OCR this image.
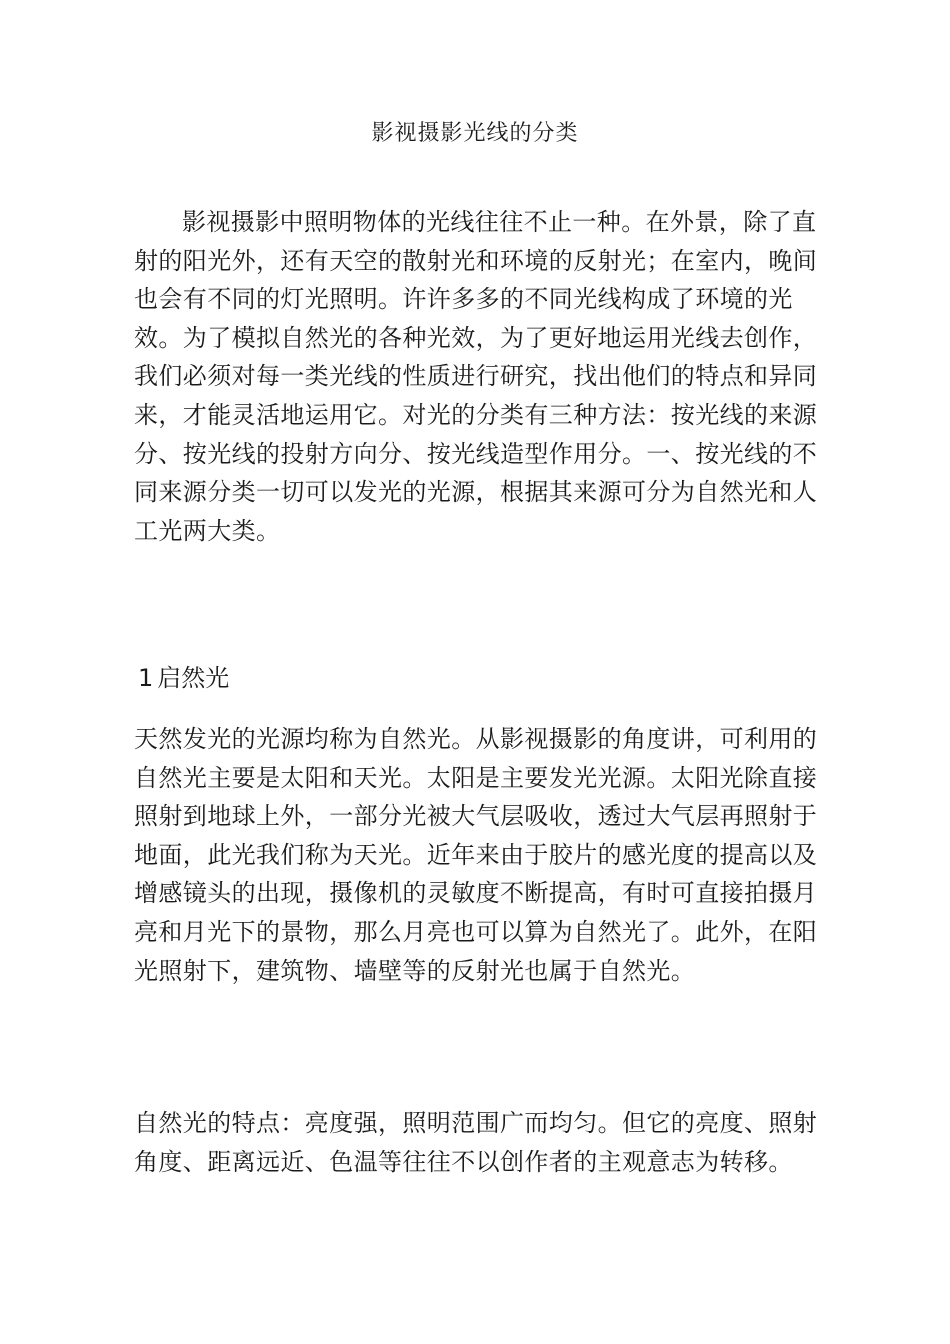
影视摄影光线的分类

影视摄影中照明物体的光线往往不止一种。在外景，除了直射的阳光外，还有天空的散射光和环境的反射光；在室内，晚间也会有不同的灯光照明。许许多多的不同光线构成了环境的光效。为了模拟自然光的各种光效，为了更好地运用光线去创作，我们必须对每一类光线的性质进行研究，找出他们的特点和异同来，才能灵活地运用它。对光的分类有三种方法：按光线的来源分、按光线的投射方向分、按光线造型作用分。一、按光线的不同来源分类一切可以发光的光源，根据其来源可分为自然光和人工光两大类。

1 启然光

天然发光的光源均称为自然光。从影视摄影的角度讲，可利用的自然光主要是太阳和天光。太阳是主要发光光源。太阳光除直接照射到地球上外，一部分光被大气层吸收，透过大气层再照射于地面，此光我们称为天光。近年来由于胶片的感光度的提高以及增感镜头的出现，摄像机的灵敏度不断提高，有时可直接拍摄月亮和月光下的景物，那么月亮也可以算为自然光了。此外，在阳光照射下，建筑物、墙壁等的反射光也属于自然光。

自然光的特点：亮度强，照明范围广而均匀。但它的亮度、照射角度、距离远近、色温等往往不以创作者的主观意志为转移。
